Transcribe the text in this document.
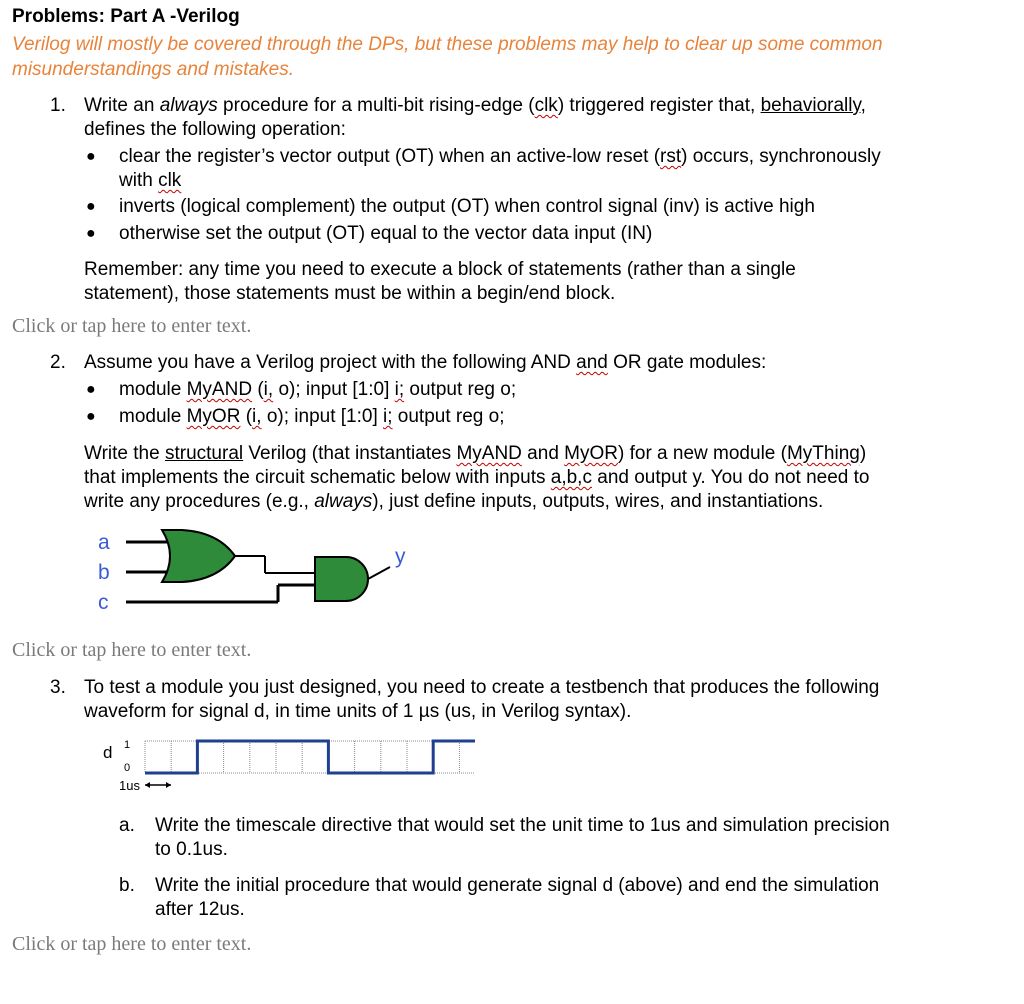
Problems: Part A -Verilog
Verilog will mostly be covered through the DPs, but these problems may help to clear up some common misunderstandings and mistakes.
1. Write an always procedure for a multi-bit rising-edge (clk) triggered register that, behaviorally,
defines the following operation:
● clear the register’s vector output (OT) when an active-low reset (rst) occurs, synchronously
with clk
● inverts (logical complement) the output (OT) when control signal (inv) is active high
● otherwise set the output (OT) equal to the vector data input (IN)
Remember: any time you need to execute a block of statements (rather than a single
statement), those statements must be within a begin/end block.
Click or tap here to enter text.
2. Assume you have a Verilog project with the following AND and OR gate modules:
● module MyAND (i, o); input [1:0] i; output reg o;
● module MyOR (i, o); input [1:0] i; output reg o;
Write the structural Verilog (that instantiates MyAND and MyOR) for a new module (MyThing)
that implements the circuit schematic below with inputs a,b,c and output y. You do not need to
write any procedures (e.g., always), just define inputs, outputs, wires, and instantiations.
a
b
c
y
Click or tap here to enter text.
3. To test a module you just designed, you need to create a testbench that produces the following
waveform for signal d, in time units of 1 µs (us, in Verilog syntax).
d 1
0
1us
a. Write the timescale directive that would set the unit time to 1us and simulation precision
to 0.1us.
b. Write the initial procedure that would generate signal d (above) and end the simulation
after 12us.
Click or tap here to enter text.
